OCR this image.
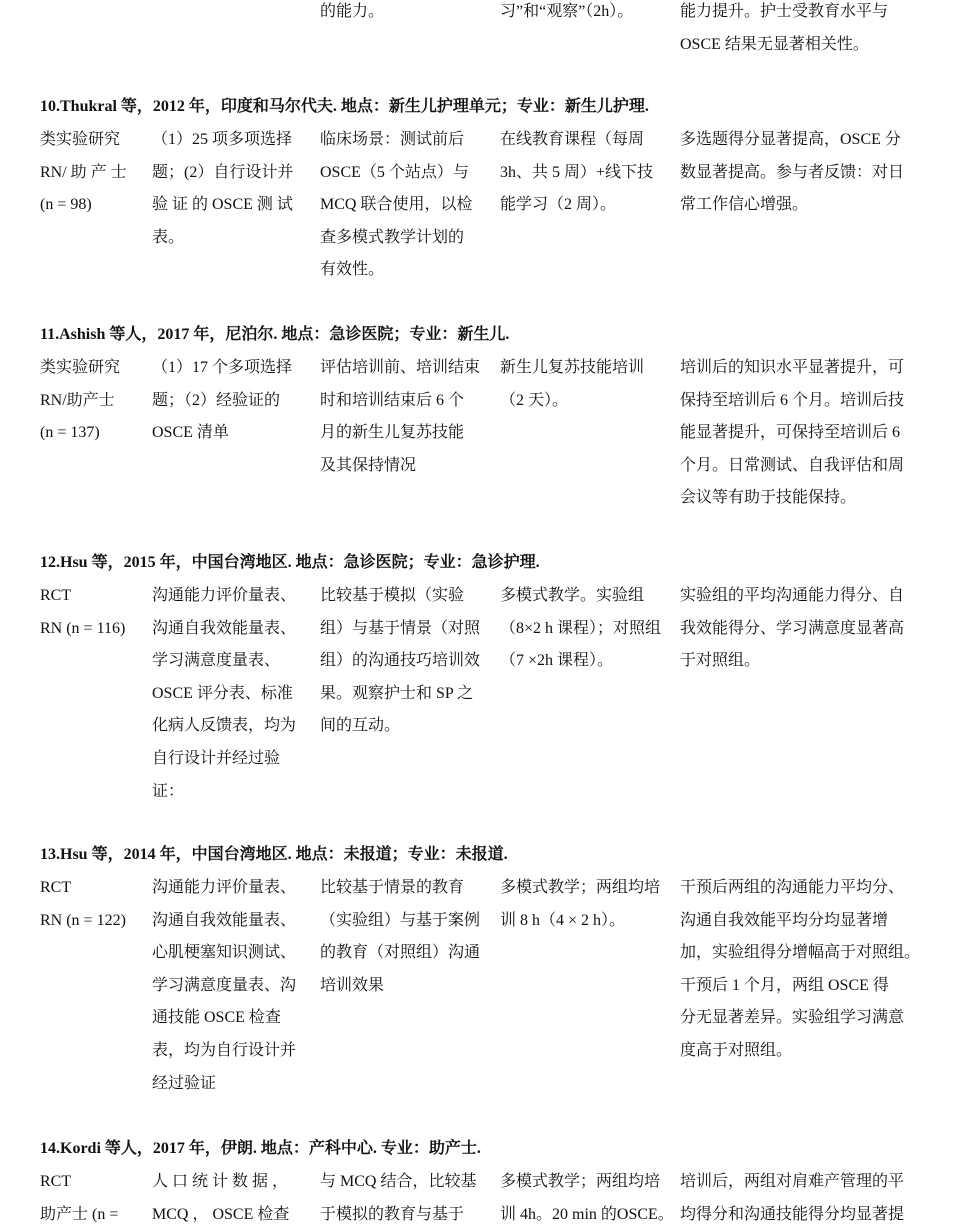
的能力。	习”和“观察”（2h）。	能力提升。护士受教育水平与
OSCE 结果无显著相关性。
10.Thukral 等，2012 年，印度和马尔代夫. 地点：新生儿护理单元；专业：新生儿护理.
类实验研究
RN/ 助 产 士
(n = 98)
（1）25 项多项选择
题；(2）自行设计并
验 证 的 OSCE 测 试
表。
临床场景：测试前后
OSCE（5 个站点）与
MCQ 联合使用，以检
查多模式教学计划的
有效性。
在线教育课程（每周
3h、共 5 周）+线下技
能学习（2 周）。
多选题得分显著提高，OSCE 分
数显著提高。参与者反馈：对日
常工作信心增强。
11.Ashish 等人，2017 年，尼泊尔. 地点：急诊医院；专业：新生儿.
类实验研究
RN/助产士
(n = 137)
（1）17 个多项选择
题；（2）经验证的
OSCE 清单
评估培训前、培训结束
时和培训结束后 6 个
月的新生儿复苏技能
及其保持情况
新生儿复苏技能培训
（2 天）。
培训后的知识水平显著提升，可
保持至培训后 6 个月。培训后技
能显著提升，可保持至培训后 6
个月。日常测试、自我评估和周
会议等有助于技能保持。
12.Hsu 等，2015 年，中国台湾地区. 地点：急诊医院；专业：急诊护理.
RCT
RN (n = 116)
沟通能力评价量表、
沟通自我效能量表、
学习满意度量表、
OSCE 评分表、标准
化病人反馈表，均为
自行设计并经过验
证：
比较基于模拟（实验
组）与基于情景（对照
组）的沟通技巧培训效
果。观察护士和 SP 之
间的互动。
多模式教学。实验组
（8×2 h 课程）；对照组
（7 ×2h 课程）。
实验组的平均沟通能力得分、自
我效能得分、学习满意度显著高
于对照组。
13.Hsu 等，2014 年，中国台湾地区. 地点：未报道；专业：未报道.
RCT
RN (n = 122)
沟通能力评价量表、
沟通自我效能量表、
心肌梗塞知识测试、
学习满意度量表、沟
通技能 OSCE 检查
表，均为自行设计并
经过验证
比较基于情景的教育
（实验组）与基于案例
的教育（对照组）沟通
培训效果
多模式教学；两组均培
训 8 h（4 × 2 h）。
干预后两组的沟通能力平均分、
沟通自我效能平均分均显著增
加，实验组得分增幅高于对照组。
干预后 1 个月，两组 OSCE 得
分无显著差异。实验组学习满意
度高于对照组。
14.Kordi 等人，2017 年，伊朗. 地点：产科中心. 专业：助产士.
RCT
助产士 (n =
人 口 统 计 数 据 ，
MCQ ， OSCE 检查
与 MCQ 结合，比较基
于模拟的教育与基于
多模式教学；两组均培
训 4h。20 min 的OSCE。
培训后，两组对肩难产管理的平
均得分和沟通技能得分均显著提
